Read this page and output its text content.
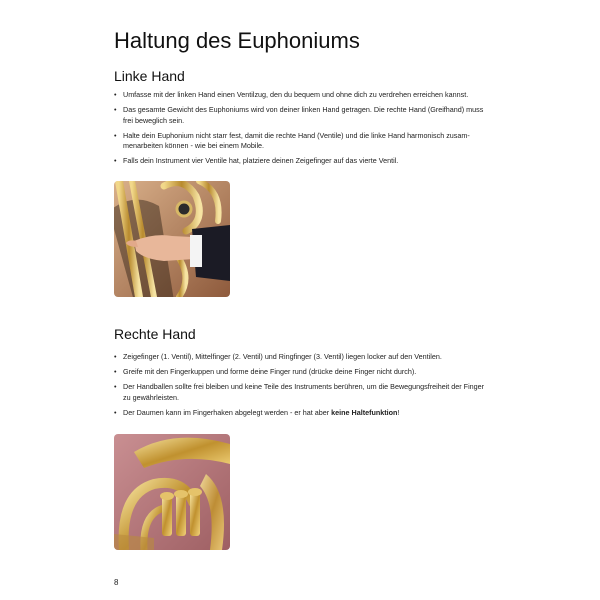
Haltung des Euphoniums
Linke Hand
• Umfasse mit der linken Hand einen Ventilzug, den du bequem und ohne dich zu verdrehen erreichen kannst.
• Das gesamte Gewicht des Euphoniums wird von deiner linken Hand getragen. Die rechte Hand (Greifhand) muss frei beweglich sein.
• Halte dein Euphonium nicht starr fest, damit die rechte Hand (Ventile) und die linke Hand harmonisch zusammenarbeiten können - wie bei einem Mobile.
• Falls dein Instrument vier Ventile hat, platziere deinen Zeigefinger auf das vierte Ventil.
Rechte Hand
• Zeigefinger (1. Ventil), Mittelfinger (2. Ventil) und Ringfinger (3. Ventil) liegen locker auf den Ventilen.
• Greife mit den Fingerkuppen und forme deine Finger rund (drücke deine Finger nicht durch).
• Der Handballen sollte frei bleiben und keine Teile des Instruments berühren, um die Bewegungsfreiheit der Finger zu gewährleisten.
• Der Daumen kann im Fingerhaken abgelegt werden - er hat aber keine Haltefunktion!
8
